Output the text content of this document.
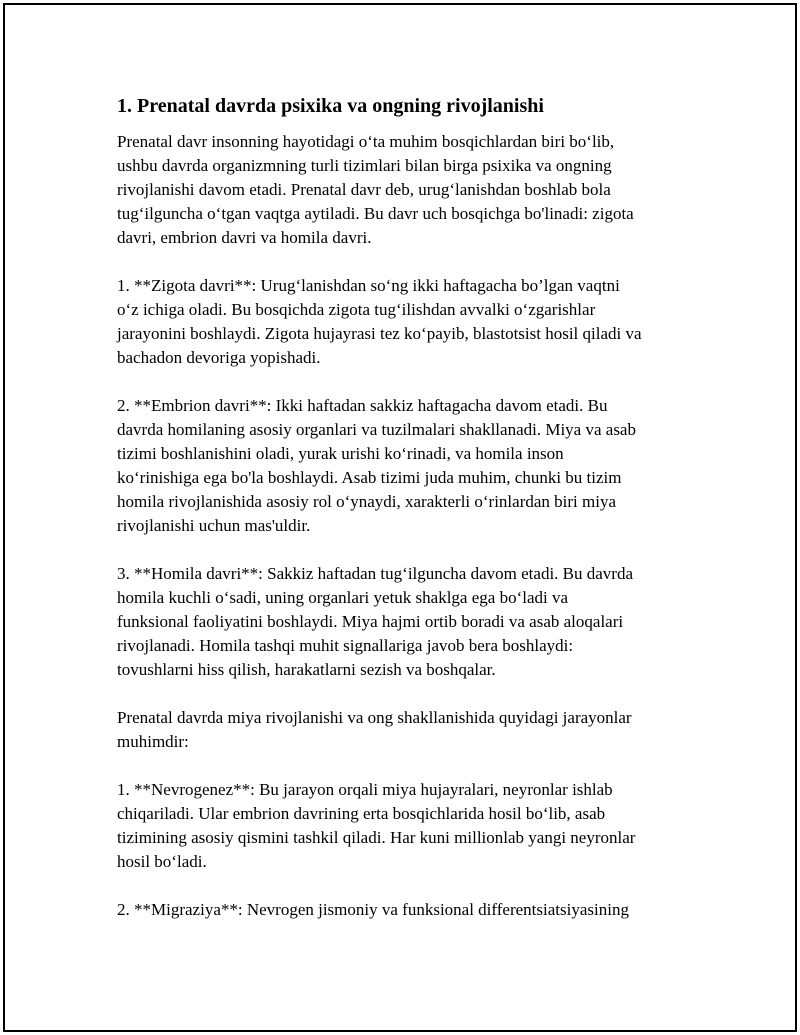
1. Prenatal davrda psixika va ongning rivojlanishi

Prenatal davr insonning hayotidagi o‘ta muhim bosqichlardan biri bo‘lib,
ushbu davrda organizmning turli tizimlari bilan birga psixika va ongning
rivojlanishi davom etadi. Prenatal davr deb, urug‘lanishdan boshlab bola
tug‘ilguncha o‘tgan vaqtga aytiladi. Bu davr uch bosqichga bo'linadi: zigota
davri, embrion davri va homila davri.

1. **Zigota davri**: Urug‘lanishdan so‘ng ikki haftagacha bo’lgan vaqtni
o‘z ichiga oladi. Bu bosqichda zigota tug‘ilishdan avvalki o‘zgarishlar
jarayonini boshlaydi. Zigota hujayrasi tez ko‘payib, blastotsist hosil qiladi va
bachadon devoriga yopishadi.

2. **Embrion davri**: Ikki haftadan sakkiz haftagacha davom etadi. Bu
davrda homilaning asosiy organlari va tuzilmalari shakllanadi. Miya va asab
tizimi boshlanishini oladi, yurak urishi ko‘rinadi, va homila inson
ko‘rinishiga ega bo'la boshlaydi. Asab tizimi juda muhim, chunki bu tizim
homila rivojlanishida asosiy rol o‘ynaydi, xarakterli o‘rinlardan biri miya
rivojlanishi uchun mas'uldir.

3. **Homila davri**: Sakkiz haftadan tug‘ilguncha davom etadi. Bu davrda
homila kuchli o‘sadi, uning organlari yetuk shaklga ega bo‘ladi va
funksional faoliyatini boshlaydi. Miya hajmi ortib boradi va asab aloqalari
rivojlanadi. Homila tashqi muhit signallariga javob bera boshlaydi:
tovushlarni hiss qilish, harakatlarni sezish va boshqalar.

Prenatal davrda miya rivojlanishi va ong shakllanishida quyidagi jarayonlar
muhimdir:

1. **Nevrogenez**: Bu jarayon orqali miya hujayralari, neyronlar ishlab
chiqariladi. Ular embrion davrining erta bosqichlarida hosil bo‘lib, asab
tizimining asosiy qismini tashkil qiladi. Har kuni millionlab yangi neyronlar
hosil bo‘ladi.

2. **Migraziya**: Nevrogen jismoniy va funksional differentsiatsiyasining
